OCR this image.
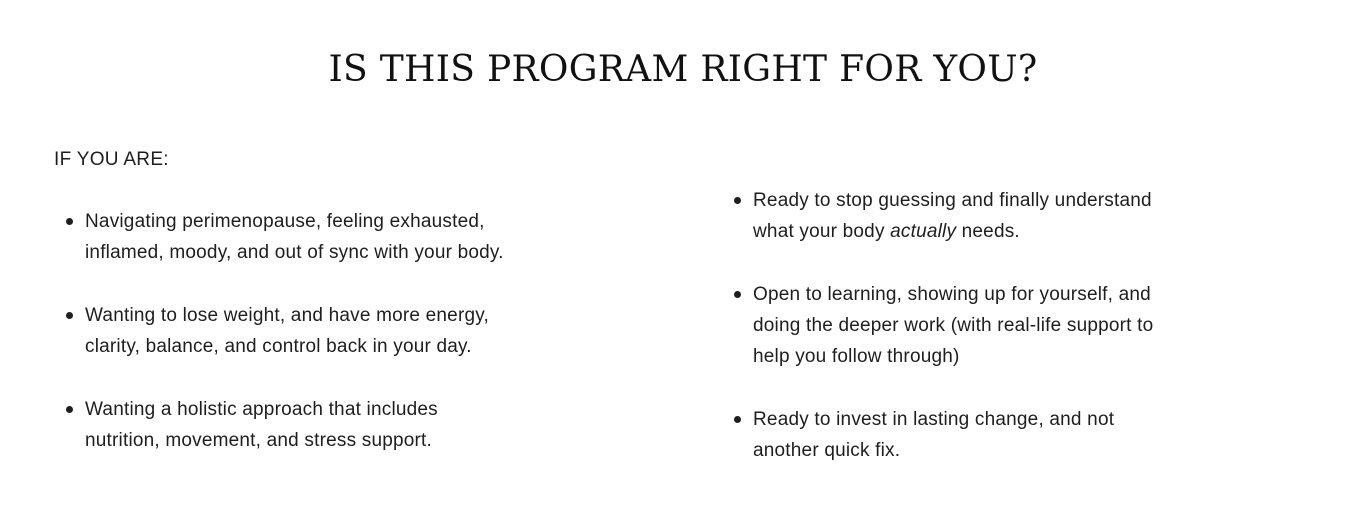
IS THIS PROGRAM RIGHT FOR YOU?

IF YOU ARE:

Navigating perimenopause, feeling exhausted,
inflamed, moody, and out of sync with your body.
Wanting to lose weight, and have more energy,
clarity, balance, and control back in your day.
Wanting a holistic approach that includes
nutrition, movement, and stress support.
Ready to stop guessing and finally understand
what your body actually needs.
Open to learning, showing up for yourself, and
doing the deeper work (with real-life support to
help you follow through)
Ready to invest in lasting change, and not
another quick fix.
